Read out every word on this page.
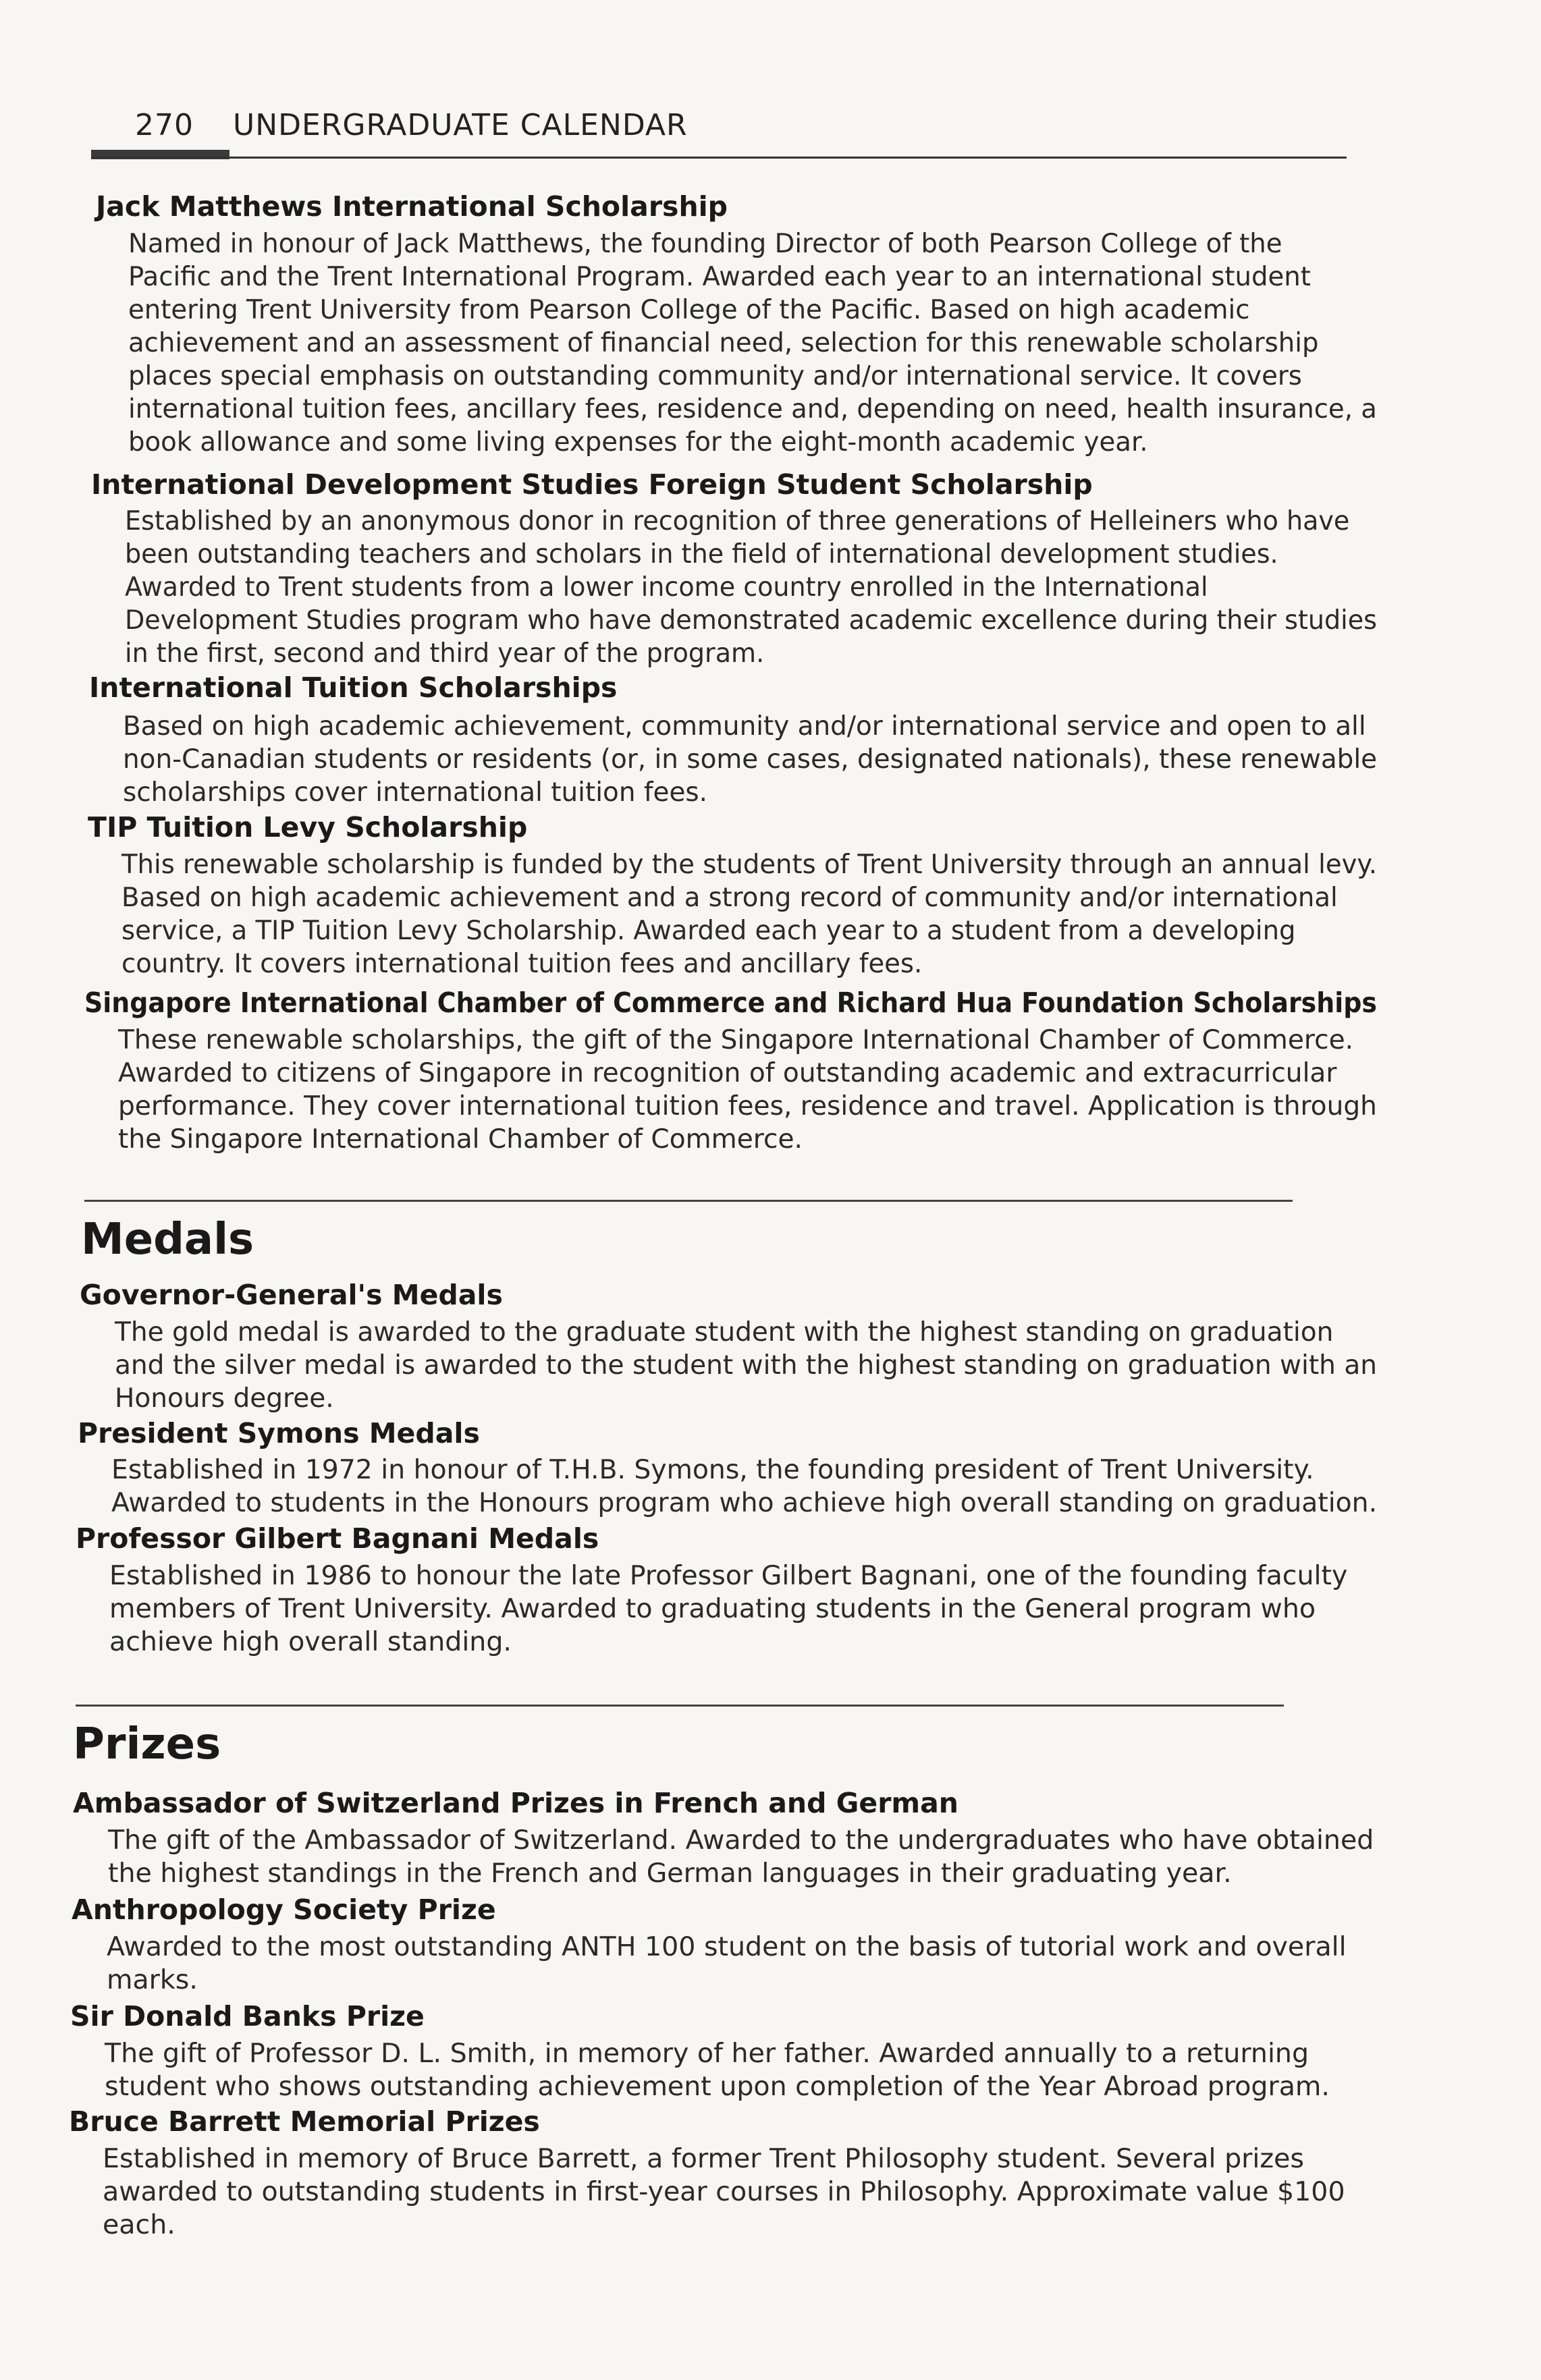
270 UNDERGRADUATE CALENDAR
Jack Matthews International Scholarship
Named in honour of Jack Matthews, the founding Director of both Pearson College of the
Pacific and the Trent International Program. Awarded each year to an international student
entering Trent University from Pearson College of the Pacific. Based on high academic
achievement and an assessment of financial need, selection for this renewable scholarship
places special emphasis on outstanding community and/or international service. It covers
international tuition fees, ancillary fees, residence and, depending on need, health insurance, a
book allowance and some living expenses for the eight-month academic year.
International Development Studies Foreign Student Scholarship
Established by an anonymous donor in recognition of three generations of Helleiners who have
been outstanding teachers and scholars in the field of international development studies.
Awarded to Trent students from a lower income country enrolled in the International
Development Studies program who have demonstrated academic excellence during their studies
in the first, second and third year of the program.
International Tuition Scholarships
Based on high academic achievement, community and/or international service and open to all
non-Canadian students or residents (or, in some cases, designated nationals), these renewable
scholarships cover international tuition fees.
TIP Tuition Levy Scholarship
This renewable scholarship is funded by the students of Trent University through an annual levy.
Based on high academic achievement and a strong record of community and/or international
service, a TIP Tuition Levy Scholarship. Awarded each year to a student from a developing
country. It covers international tuition fees and ancillary fees.
Singapore International Chamber of Commerce and Richard Hua Foundation Scholarships
These renewable scholarships, the gift of the Singapore International Chamber of Commerce.
Awarded to citizens of Singapore in recognition of outstanding academic and extracurricular
performance. They cover international tuition fees, residence and travel. Application is through
the Singapore International Chamber of Commerce.
Medals
Governor-General's Medals
The gold medal is awarded to the graduate student with the highest standing on graduation
and the silver medal is awarded to the student with the highest standing on graduation with an
Honours degree.
President Symons Medals
Established in 1972 in honour of T.H.B. Symons, the founding president of Trent University.
Awarded to students in the Honours program who achieve high overall standing on graduation.
Professor Gilbert Bagnani Medals
Established in 1986 to honour the late Professor Gilbert Bagnani, one of the founding faculty
members of Trent University. Awarded to graduating students in the General program who
achieve high overall standing.
Prizes
Ambassador of Switzerland Prizes in French and German
The gift of the Ambassador of Switzerland. Awarded to the undergraduates who have obtained
the highest standings in the French and German languages in their graduating year.
Anthropology Society Prize
Awarded to the most outstanding ANTH 100 student on the basis of tutorial work and overall
marks.
Sir Donald Banks Prize
The gift of Professor D. L. Smith, in memory of her father. Awarded annually to a returning
student who shows outstanding achievement upon completion of the Year Abroad program.
Bruce Barrett Memorial Prizes
Established in memory of Bruce Barrett, a former Trent Philosophy student. Several prizes
awarded to outstanding students in first-year courses in Philosophy. Approximate value $100
each.
